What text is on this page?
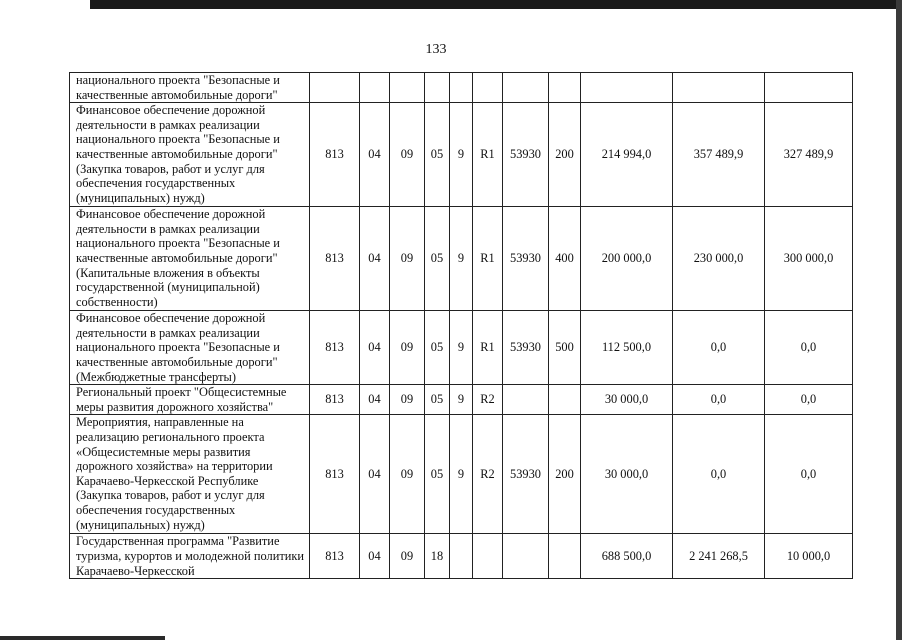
133
национального проекта "Безопасные и качественные автомобильные дороги"											
Финансовое обеспечение дорожной деятельности в рамках реализации национального проекта "Безопасные и качественные автомобильные дороги" (Закупка товаров, работ и услуг для обеспечения государственных (муниципальных) нужд)	813	04	09	05	9	R1	53930	200	214 994,0	357 489,9	327 489,9
Финансовое обеспечение дорожной деятельности в рамках реализации национального проекта "Безопасные и качественные автомобильные дороги" (Капитальные вложения в объекты государственной (муниципальной) собственности)	813	04	09	05	9	R1	53930	400	200 000,0	230 000,0	300 000,0
Финансовое обеспечение дорожной деятельности в рамках реализации национального проекта "Безопасные и качественные автомобильные дороги" (Межбюджетные трансферты)	813	04	09	05	9	R1	53930	500	112 500,0	0,0	0,0
Региональный проект "Общесистемные меры развития дорожного хозяйства"	813	04	09	05	9	R2			30 000,0	0,0	0,0
Мероприятия, направленные на реализацию регионального проекта «Общесистемные меры развития дорожного хозяйства» на территории Карачаево-Черкесской Республике (Закупка товаров, работ и услуг для обеспечения государственных (муниципальных) нужд)	813	04	09	05	9	R2	53930	200	30 000,0	0,0	0,0
Государственная программа "Развитие туризма, курортов и молодежной политики Карачаево-Черкесской	813	04	09	18					688 500,0	2 241 268,5	10 000,0
